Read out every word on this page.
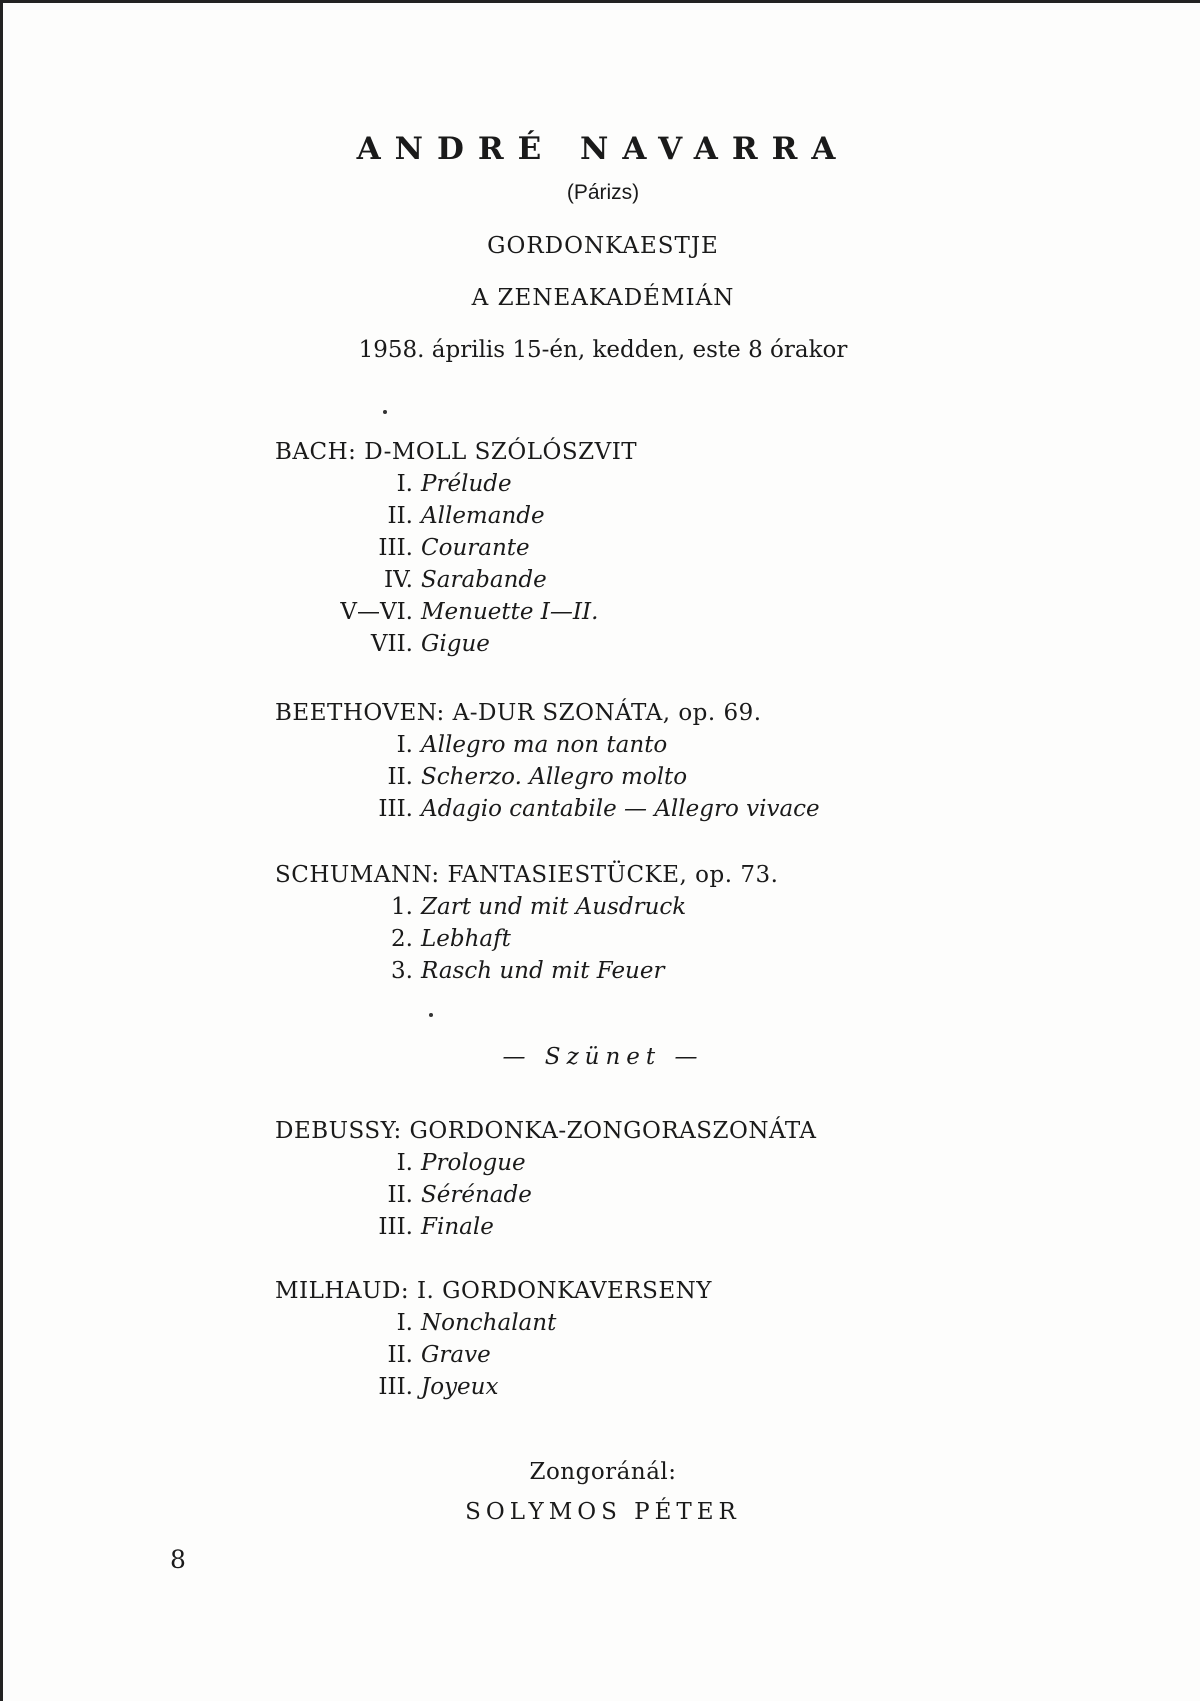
ANDRÉ NAVARRA
(Párizs)
GORDONKAESTJE
A ZENEAKADÉMIÁN
1958. április 15-én, kedden, este 8 órakor
BACH: D-MOLL SZÓLÓSZVIT
I. Prélude
II. Allemande
III. Courante
IV. Sarabande
V—VI. Menuette I—II.
VII. Gigue
BEETHOVEN: A-DUR SZONÁTA, op. 69.
I. Allegro ma non tanto
II. Scherzo. Allegro molto
III. Adagio cantabile — Allegro vivace
SCHUMANN: FANTASIESTÜCKE, op. 73.
1. Zart und mit Ausdruck
2. Lebhaft
3. Rasch und mit Feuer
DEBUSSY: GORDONKA-ZONGORASZONÁTA
I. Prologue
II. Sérénade
III. Finale
MILHAUD: I. GORDONKAVERSENY
I. Nonchalant
II. Grave
III. Joyeux
— Szünet —
Zongoránál:
SOLYMOS PÉTER
8
